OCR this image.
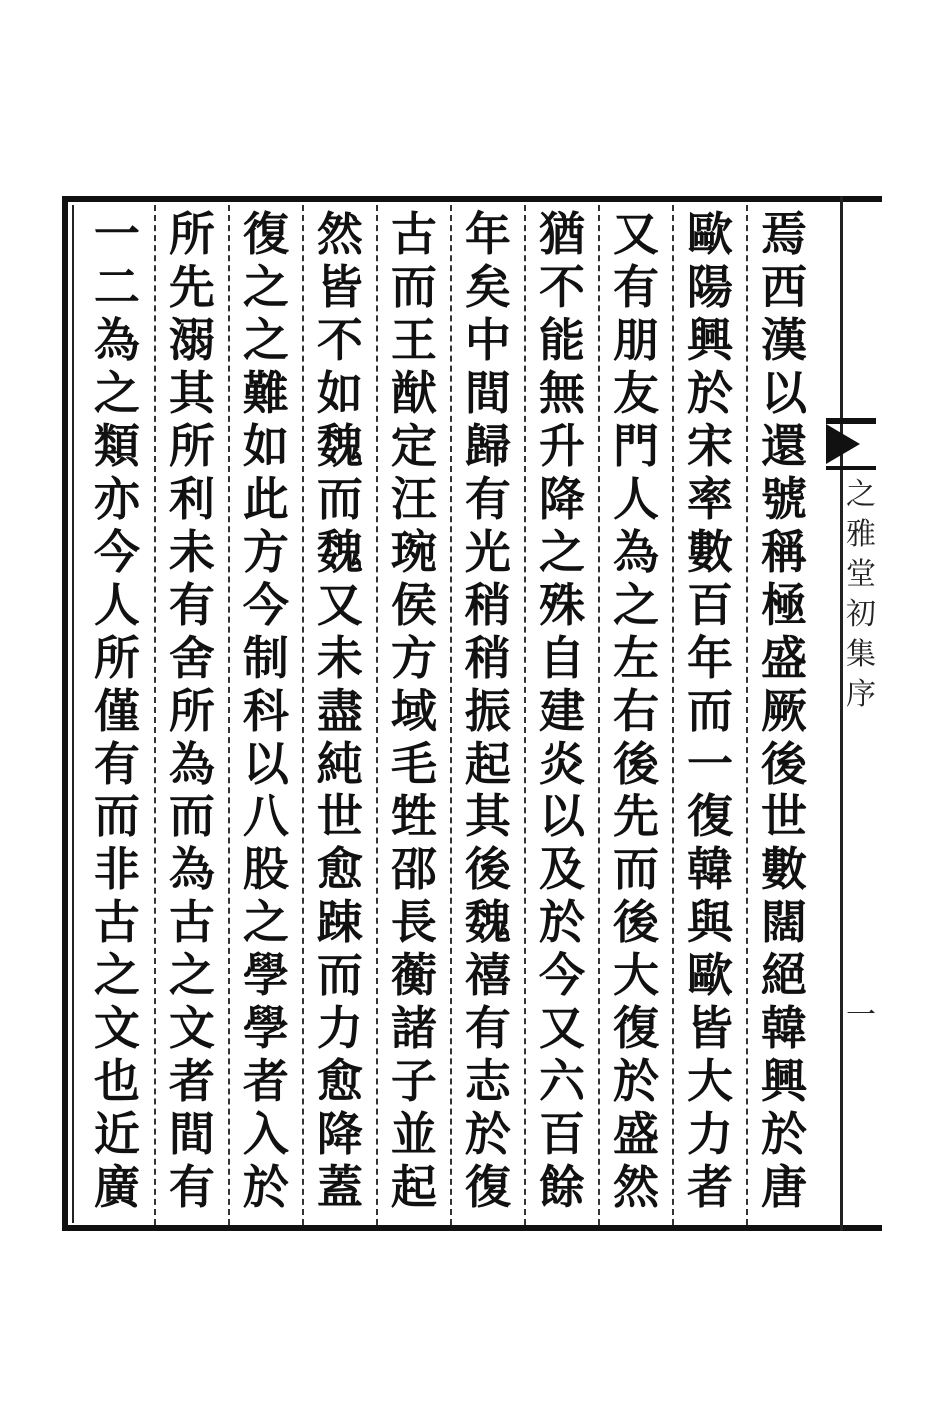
焉
西
漢
以
還
號
稱
極
盛
厥
後
世
數
闊
絕
韓
興
於
唐
歐
陽
興
於
宋
率
數
百
年
而
一
復
韓
與
歐
皆
大
力
者
又
有
朋
友
門
人
為
之
左
右
後
先
而
後
大
復
於
盛
然
猶
不
能
無
升
降
之
殊
自
建
炎
以
及
於
今
又
六
百
餘
年
矣
中
間
歸
有
光
稍
稍
振
起
其
後
魏
禧
有
志
於
復
古
而
王
猷
定
汪
琬
侯
方
域
毛
甡
邵
長
蘅
諸
子
並
起
然
皆
不
如
魏
而
魏
又
未
盡
純
世
愈
踈
而
力
愈
降
蓋
復
之
之
難
如
此
方
今
制
科
以
八
股
之
學
學
者
入
於
所
先
溺
其
所
利
未
有
舍
所
為
而
為
古
之
文
者
間
有
一
二
為
之
類
亦
今
人
所
僅
有
而
非
古
之
文
也
近
廣
之
雅
堂
初
集
序
一
